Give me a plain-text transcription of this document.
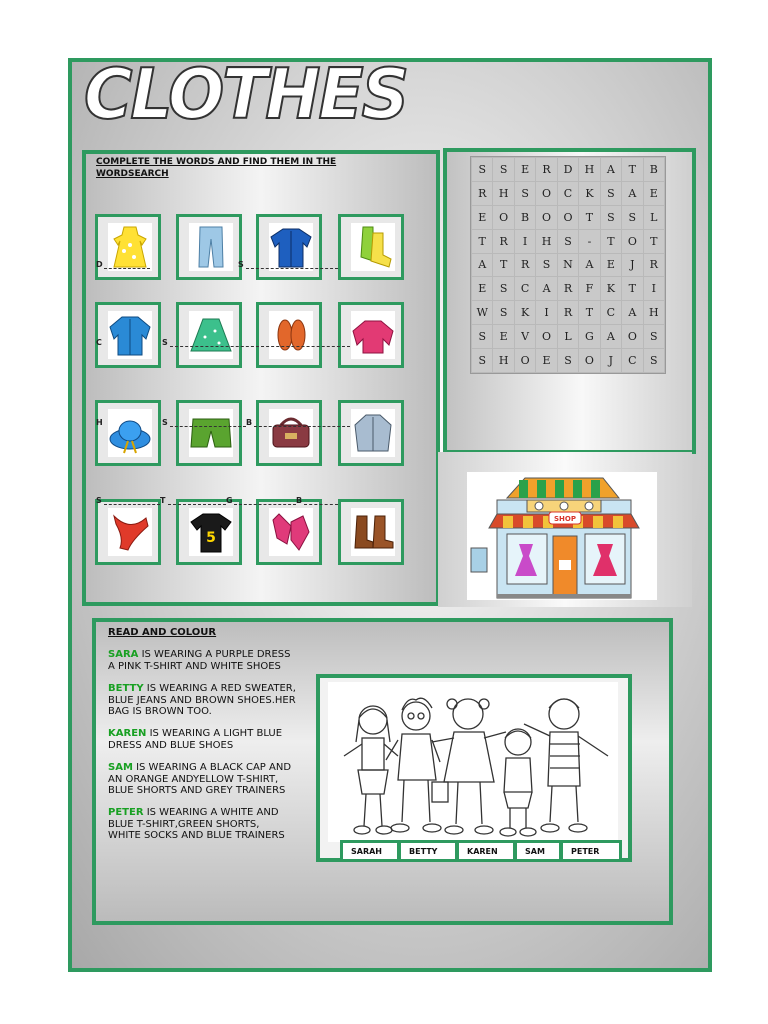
CLOTHES
COMPLETE THE WORDS AND FIND THEM IN THE WORDSEARCH
D	S
C	S
H	S	B
5
S	T	G	B
S	S	E	R	D	H	A	T	B
R	H	S	O	C	K	S	A	E
E	O	B	O	O	T	S	S	L
T	R	I	H	S	-	T	O	T
A	T	R	S	N	A	E	J	R
E	S	C	A	R	F	K	T	I
W	S	K	I	R	T	C	A	H
S	E	V	O	L	G	A	O	S
S	H	O	E	S	O	J	C	S
SHOP
READ AND COLOUR
SARA IS WEARING A PURPLE DRESS
A PINK T-SHIRT AND WHITE SHOES
BETTY IS WEARING A RED SWEATER,
BLUE JEANS AND BROWN SHOES.HER
BAG IS BROWN TOO.
KAREN IS WEARING A LIGHT BLUE
DRESS AND BLUE SHOES
SAM IS WEARING A BLACK CAP AND
AN ORANGE ANDYELLOW T-SHIRT,
BLUE SHORTS AND GREY TRAINERS
PETER IS WEARING A WHITE AND
BLUE T-SHIRT,GREEN SHORTS,
WHITE SOCKS AND BLUE TRAINERS
SARAH	BETTY	KAREN	SAM	PETER
